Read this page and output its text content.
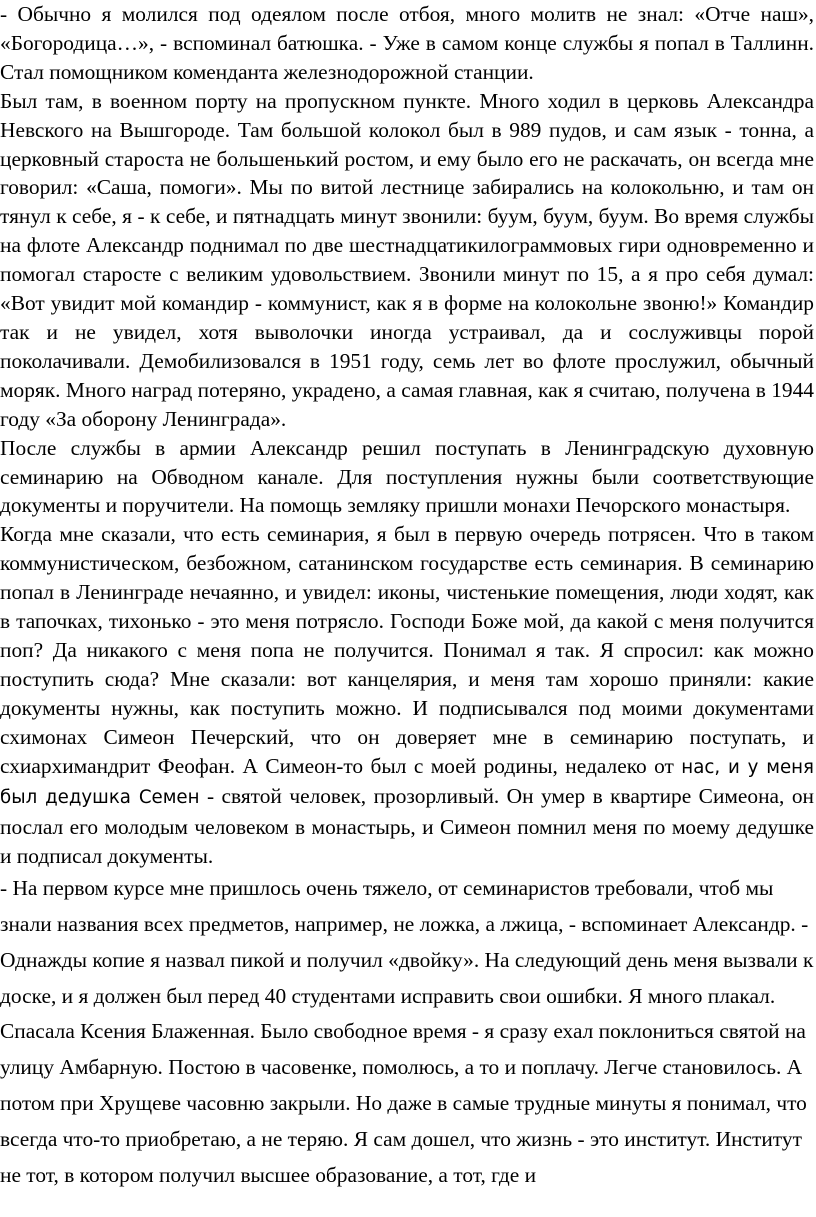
- Обычно я молился под одеялом после отбоя, много молитв не знал: «Отче наш», «Богородица…», - вспоминал батюшка. - Уже в самом конце службы я попал в Таллинн. Стал помощником коменданта железнодорожной станции.

Был там, в военном порту на пропускном пункте. Много ходил в церковь Александра Невского на Вышгороде. Там большой колокол был в 989 пудов, и сам язык - тонна, а церковный староста не большенький ростом, и ему было его не раскачать, он всегда мне говорил: «Саша, помоги». Мы по витой лестнице забирались на колокольню, и там он тянул к себе, я - к себе, и пятнадцать минут звонили: буум, буум, буум. Во время службы на флоте Александр поднимал по две шестнадцатикилограммовых гири одновременно и помогал старосте с великим удовольствием. Звонили минут по 15, а я про себя думал: «Вот увидит мой командир - коммунист, как я в форме на колокольне звоню!» Командир так и не увидел, хотя выволочки иногда устраивал, да и сослуживцы порой поколачивали. Демобилизовался в 1951 году, семь лет во флоте прослужил, обычный моряк. Много наград потеряно, украдено, а самая главная, как я считаю, получена в 1944 году «За оборону Ленинграда».

После службы в армии Александр решил поступать в Ленинградскую духовную семинарию на Обводном канале. Для поступления нужны были соответствующие документы и поручители. На помощь земляку пришли монахи Печорского монастыря.

Когда мне сказали, что есть семинария, я был в первую очередь потрясен. Что в таком коммунистическом, безбожном, сатанинском государстве есть семинария. В семинарию попал в Ленинграде нечаянно, и увидел: иконы, чистенькие помещения, люди ходят, как в тапочках, тихонько - это меня потрясло. Господи Боже мой, да какой с меня получится поп? Да никакого с меня попа не получится. Понимал я так. Я спросил: как можно поступить сюда? Мне сказали: вот канцелярия, и меня там хорошо приняли: какие документы нужны, как поступить можно. И подписывался под моими документами схимонах Симеон Печерский, что он доверяет мне в семинарию поступать, и схиархимандрит Феофан. А Симеон-то был с моей родины, недалеко от нас, и у меня был дедушка Семен - святой человек, прозорливый. Он умер в квартире Симеона, он послал его молодым человеком в монастырь, и Симеон помнил меня по моему дедушке и подписал документы.

- На первом курсе мне пришлось очень тяжело, от семинаристов требовали, чтоб мы знали названия всех предметов, например, не ложка, а лжица, - вспоминает Александр. - Однажды копие я назвал пикой и получил «двойку». На следующий день меня вызвали к доске, и я должен был перед 40 студентами исправить свои ошибки. Я много плакал. Спасала Ксения Блаженная. Было свободное время - я сразу ехал поклониться святой на улицу Амбарную. Постою в часовенке, помолюсь, а то и поплачу. Легче становилось. А потом при Хрущеве часовню закрыли. Но даже в самые трудные минуты я понимал, что всегда что-то приобретаю, а не теряю. Я сам дошел, что жизнь - это институт. Институт не тот, в котором получил высшее образование, а тот, где и
